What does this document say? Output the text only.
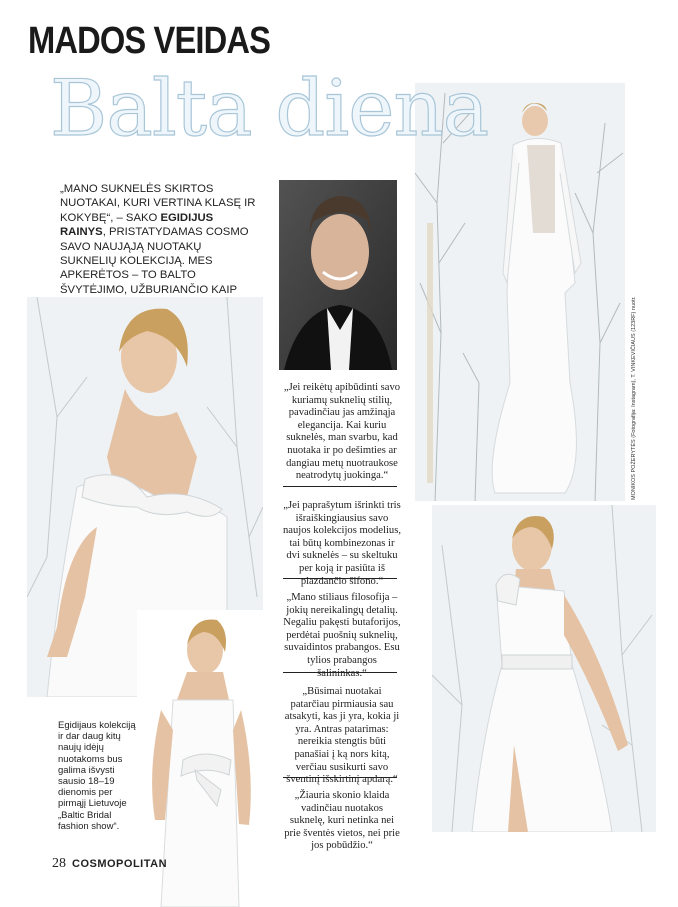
MADOS VEIDAS
MONIKOS POŽERYTĖS (Fotografija: Instagram), T. VINKEVIČIAUS (123RF) nuotr.
Balta diena
„MANO SUKNELĖS SKIRTOS NUOTAKAI, KURI VERTINA KLASĘ IR KOKYBĘ“, – SAKO EGIDIJUS RAINYS, PRISTATYDAMAS COSMO SAVO NAUJĄJĄ NUOTAKŲ SUKNELIŲ KOLEKCIJĄ. MES APKERĖTOS – TO BALTO ŠVYTĖJIMO, UŽBURIANČIO KAIP
„Jei reikėtų apibūdinti savo kuriamų suknelių stilių, pavadinčiau jas amžinąja elegancija. Kai kuriu suknelės, man svarbu, kad nuotaka ir po dešimties ar dangiau metų nuotraukose neatrodytų juokinga.“
„Jei paprašytum išrinkti tris išraiškingiausius savo naujos kolekcijos modelius, tai būtų kombinezonas ir dvi suknelės – su skeltuku per koją ir pasiūta iš plazdančio šifono.“
„Mano stiliaus filosofija – jokių nereikalingų detalių. Negaliu pakęsti butaforijos, perdėtai puošnių suknelių, suvaidintos prabangos. Esu tylios prabangos šalininkas.“
„Būsimai nuotakai patarčiau pirmiausia sau atsakyti, kas ji yra, kokia ji yra. Antras patarimas: nereikia stengtis būti panašiai į ką nors kitą, verčiau susikurti savo šventinį išskirtinį apdarą.“
„Žiauria skonio klaida vadinčiau nuotakos suknelę, kuri netinka nei prie šventės vietos, nei prie jos pobūdžio.“
Egidijaus kolekciją ir dar daug kitų naujų idėjų nuotakoms bus galima išvysti sausio 18–19 dienomis per pirmąjį Lietuvoje „Baltic Bridal fashion show“.
28 COSMOPOLITAN
